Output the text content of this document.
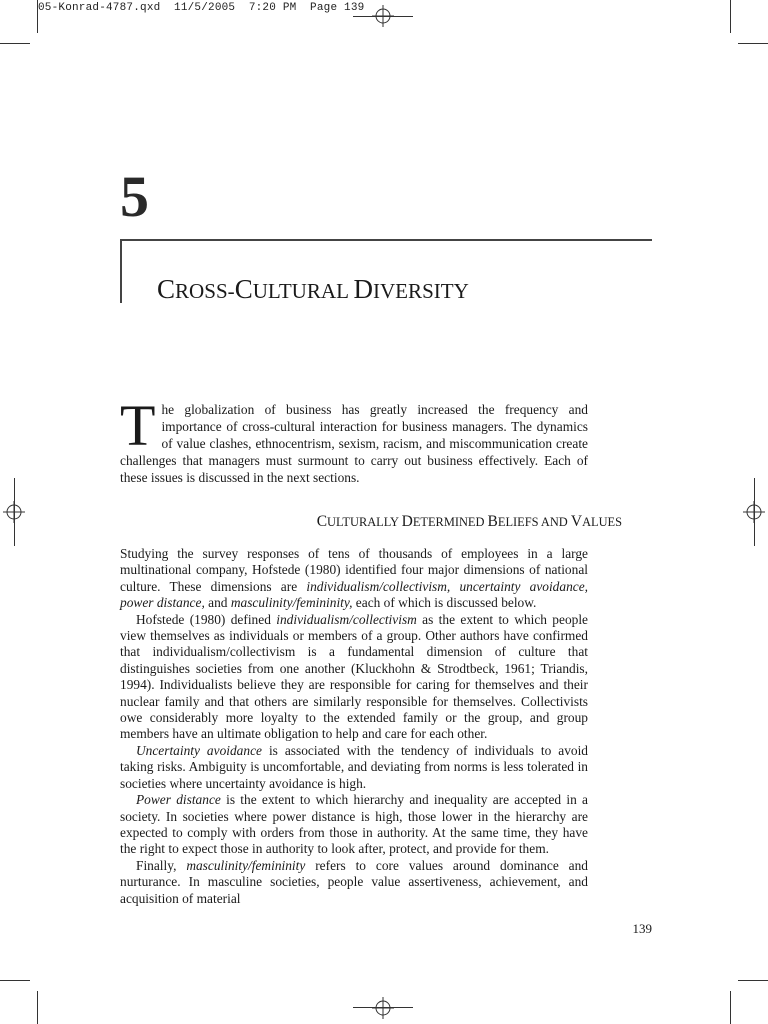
05-Konrad-4787.qxd  11/5/2005  7:20 PM  Page 139
5
CROSS-CULTURAL DIVERSITY

The globalization of business has greatly increased the frequency and importance of cross-cultural interaction for business managers. The dynamics of value clashes, ethnocentrism, sexism, racism, and miscommunication create challenges that managers must surmount to carry out business effectively. Each of these issues is discussed in the next sections.

CULTURALLY DETERMINED BELIEFS AND VALUES

Studying the survey responses of tens of thousands of employees in a large multinational company, Hofstede (1980) identified four major dimensions of national culture. These dimensions are individualism/collectivism, uncertainty avoidance, power distance, and masculinity/femininity, each of which is discussed below.

Hofstede (1980) defined individualism/collectivism as the extent to which people view themselves as individuals or members of a group. Other authors have confirmed that individualism/collectivism is a fundamental dimension of culture that distinguishes societies from one another (Kluckhohn & Strodtbeck, 1961; Triandis, 1994). Individualists believe they are responsible for caring for themselves and their nuclear family and that others are similarly responsible for themselves. Collectivists owe considerably more loyalty to the extended family or the group, and group members have an ultimate obligation to help and care for each other.

Uncertainty avoidance is associated with the tendency of individuals to avoid taking risks. Ambiguity is uncomfortable, and deviating from norms is less tolerated in societies where uncertainty avoidance is high.

Power distance is the extent to which hierarchy and inequality are accepted in a society. In societies where power distance is high, those lower in the hierarchy are expected to comply with orders from those in authority. At the same time, they have the right to expect those in authority to look after, protect, and provide for them.

Finally, masculinity/femininity refers to core values around dominance and nurturance. In masculine societies, people value assertiveness, achievement, and acquisition of material

139
